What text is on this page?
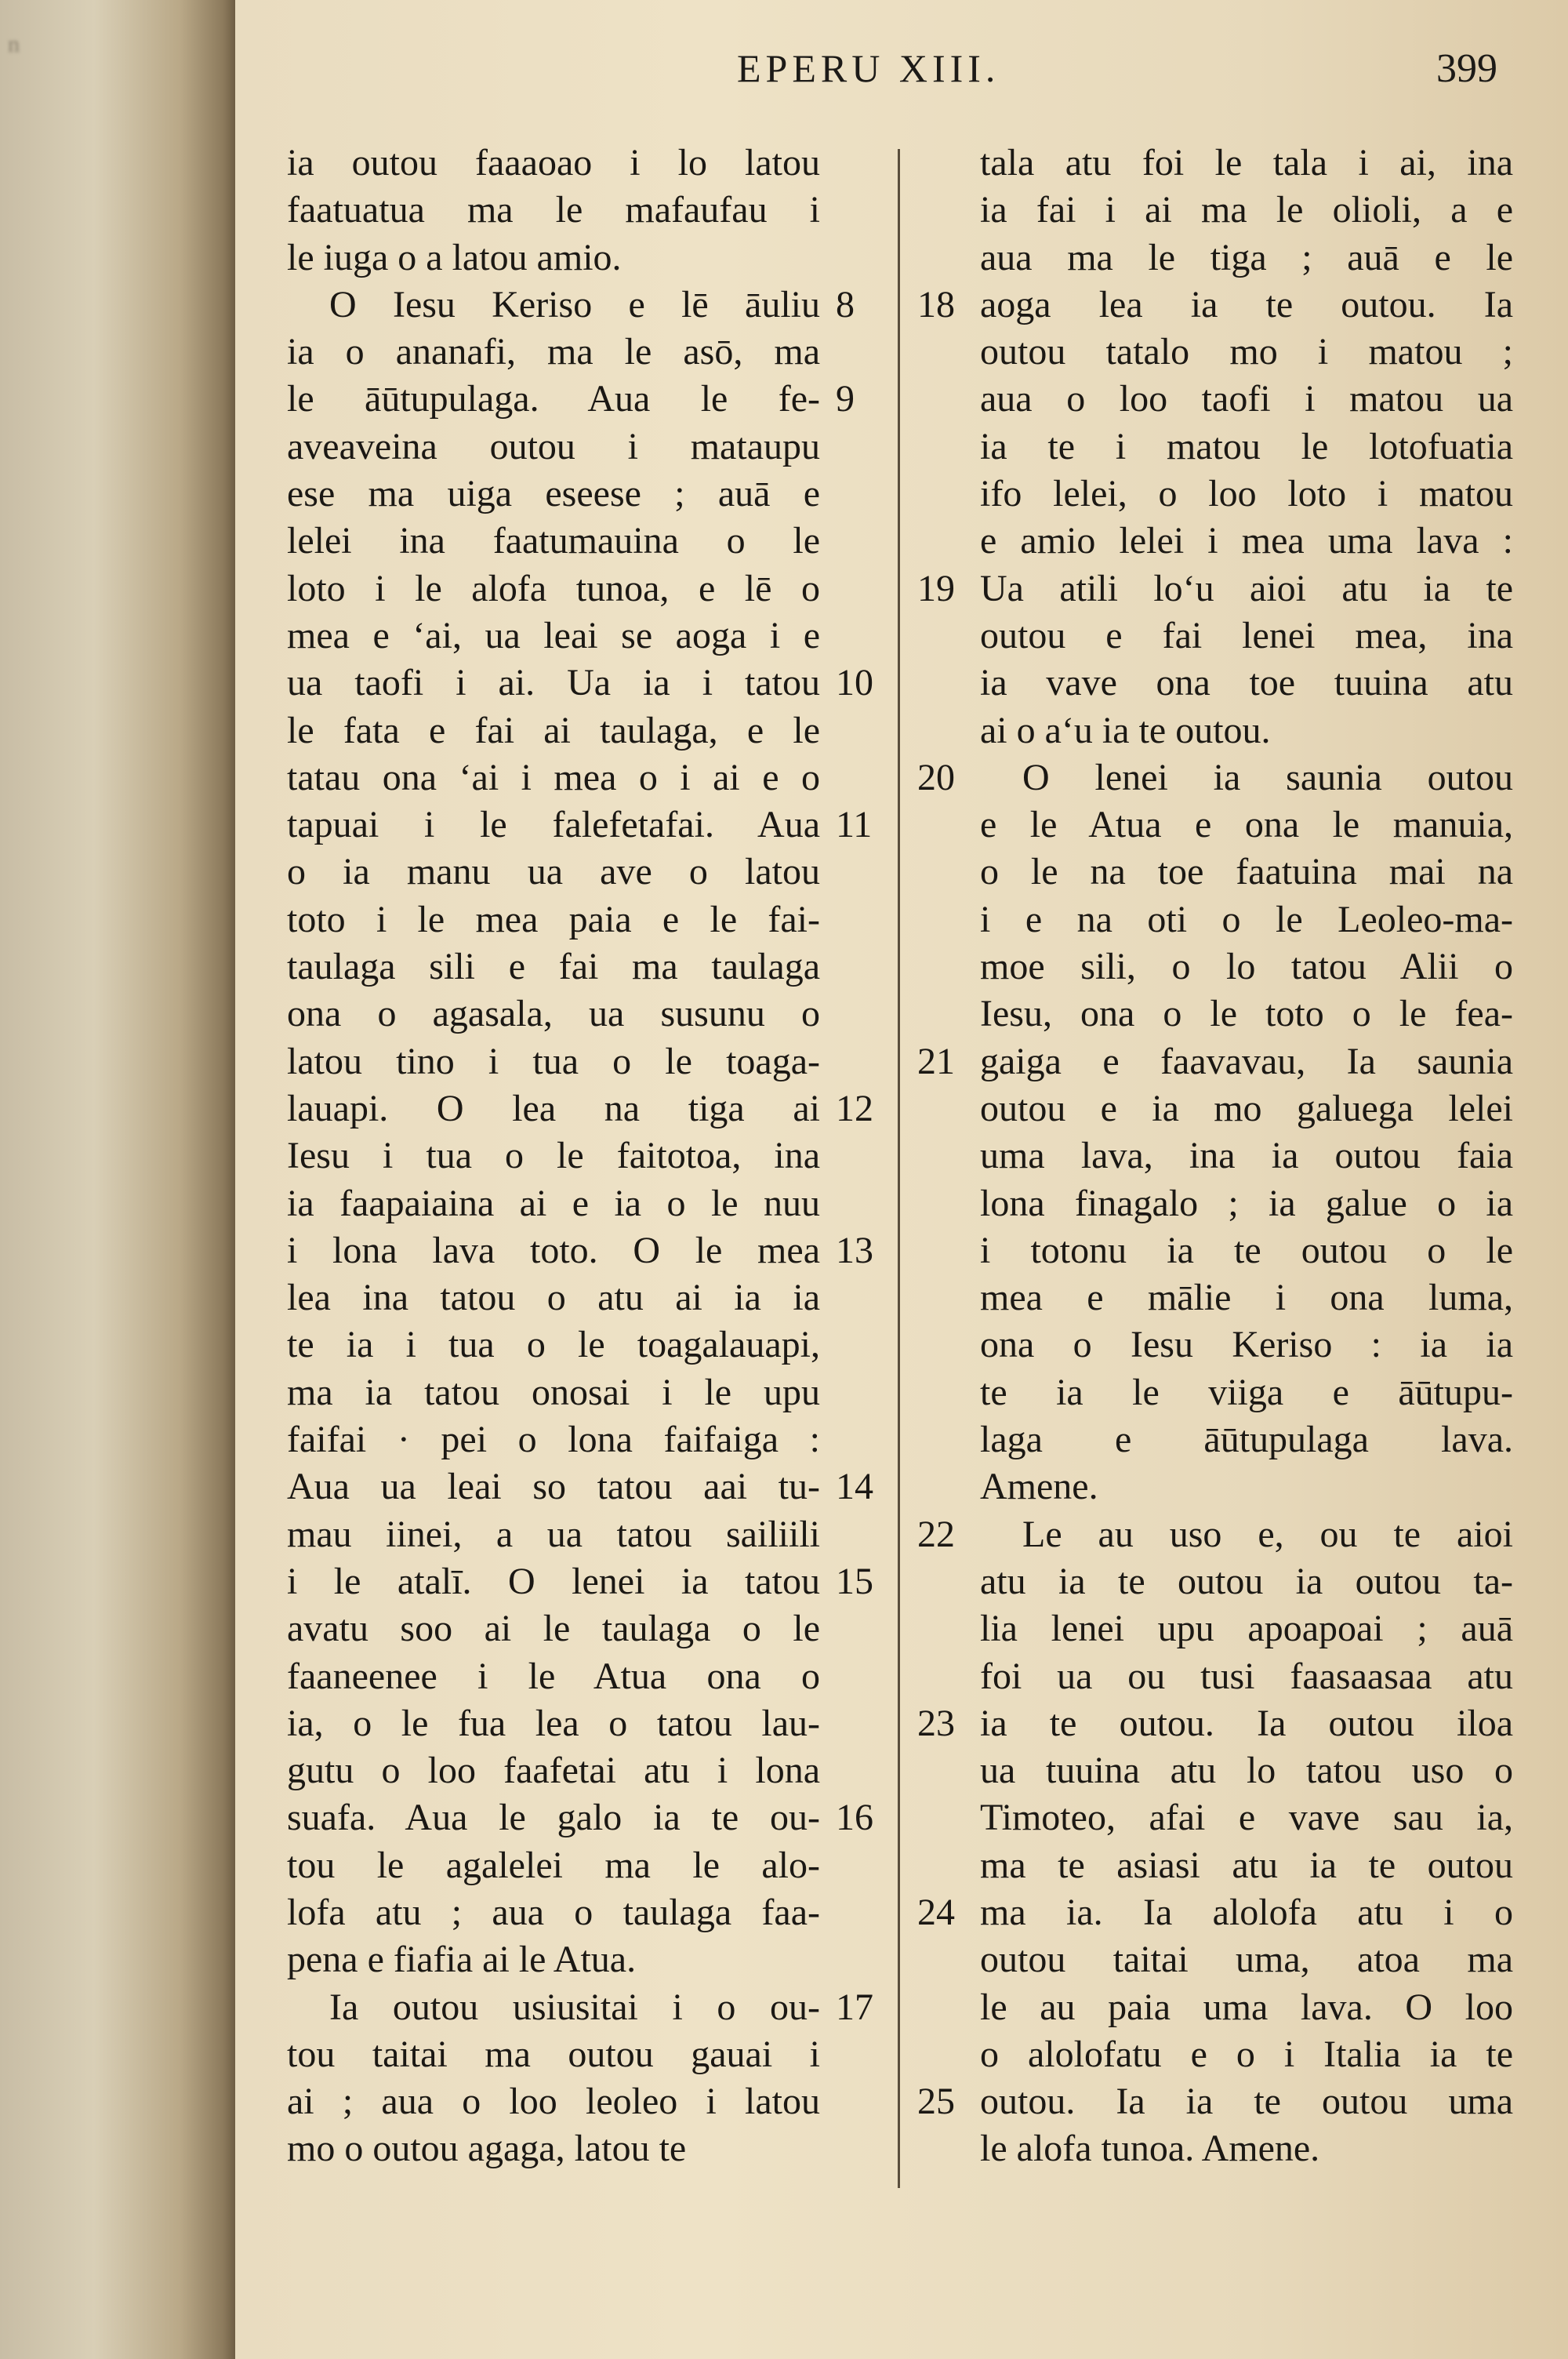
n
EPERU XIII.	399
ia outou faaaoao i lo latou
faatuatua ma le mafaufau i
le iuga o a latou amio.
O Iesu Keriso e lē āuliu 8
ia o ananafi, ma le asō, ma
le āūtupulaga. Aua le fe- 9
aveaveina outou i mataupu
ese ma uiga eseese ; auā e
lelei ina faatumauina o le
loto i le alofa tunoa, e lē o
mea e ‘ai, ua leai se aoga i e
ua taofi i ai. Ua ia i tatou 10
le fata e fai ai taulaga, e le
tatau ona ‘ai i mea o i ai e o
tapuai i le falefetafai. Aua 11
o ia manu ua ave o latou
toto i le mea paia e le fai-
taulaga sili e fai ma taulaga
ona o agasala, ua susunu o
latou tino i tua o le toaga-
lauapi. O lea na tiga ai 12
Iesu i tua o le faitotoa, ina
ia faapaiaina ai e ia o le nuu
i lona lava toto. O le mea 13
lea ina tatou o atu ai ia ia
te ia i tua o le toagalauapi,
ma ia tatou onosai i le upu
faifai · pei o lona faifaiga :
Aua ua leai so tatou aai tu- 14
mau iinei, a ua tatou sailiili
i le atalī. O lenei ia tatou 15
avatu soo ai le taulaga o le
faaneenee i le Atua ona o
ia, o le fua lea o tatou lau-
gutu o loo faafetai atu i lona
suafa. Aua le galo ia te ou- 16
tou le agalelei ma le alo-
lofa atu ; aua o taulaga faa-
pena e fiafia ai le Atua.
Ia outou usiusitai i o ou- 17
tou taitai ma outou gauai i
ai ; aua o loo leoleo i latou
mo o outou agaga, latou te
tala atu foi le tala i ai, ina
ia fai i ai ma le olioli, a e
aua ma le tiga ; auā e le
aoga lea ia te outou. Ia
18
outou tatalo mo i matou ;
aua o loo taofi i matou ua
ia te i matou le lotofuatia
ifo lelei, o loo loto i matou
e amio lelei i mea uma lava :
Ua atili lo‘u aioi atu ia te
19
outou e fai lenei mea, ina
ia vave ona toe tuuina atu
ai o a‘u ia te outou.
O lenei ia saunia outou
20
e le Atua e ona le manuia,
o le na toe faatuina mai na
i e na oti o le Leoleo-ma-
moe sili, o lo tatou Alii o
Iesu, ona o le toto o le fea-
gaiga e faavavau, Ia saunia
21
outou e ia mo galuega lelei
uma lava, ina ia outou faia
lona finagalo ; ia galue o ia
i totonu ia te outou o le
mea e mālie i ona luma,
ona o Iesu Keriso : ia ia
te ia le viiga e āūtupu-
laga e āūtupulaga lava.
Amene.
Le au uso e, ou te aioi
22
atu ia te outou ia outou ta-
lia lenei upu apoapoai ; auā
foi ua ou tusi faasaasaa atu
ia te outou. Ia outou iloa
23
ua tuuina atu lo tatou uso o
Timoteo, afai e vave sau ia,
ma te asiasi atu ia te outou
ma ia. Ia alolofa atu i o
24
outou taitai uma, atoa ma
le au paia uma lava. O loo
o alolofatu e o i Italia ia te
outou. Ia ia te outou uma
25
le alofa tunoa. Amene.
